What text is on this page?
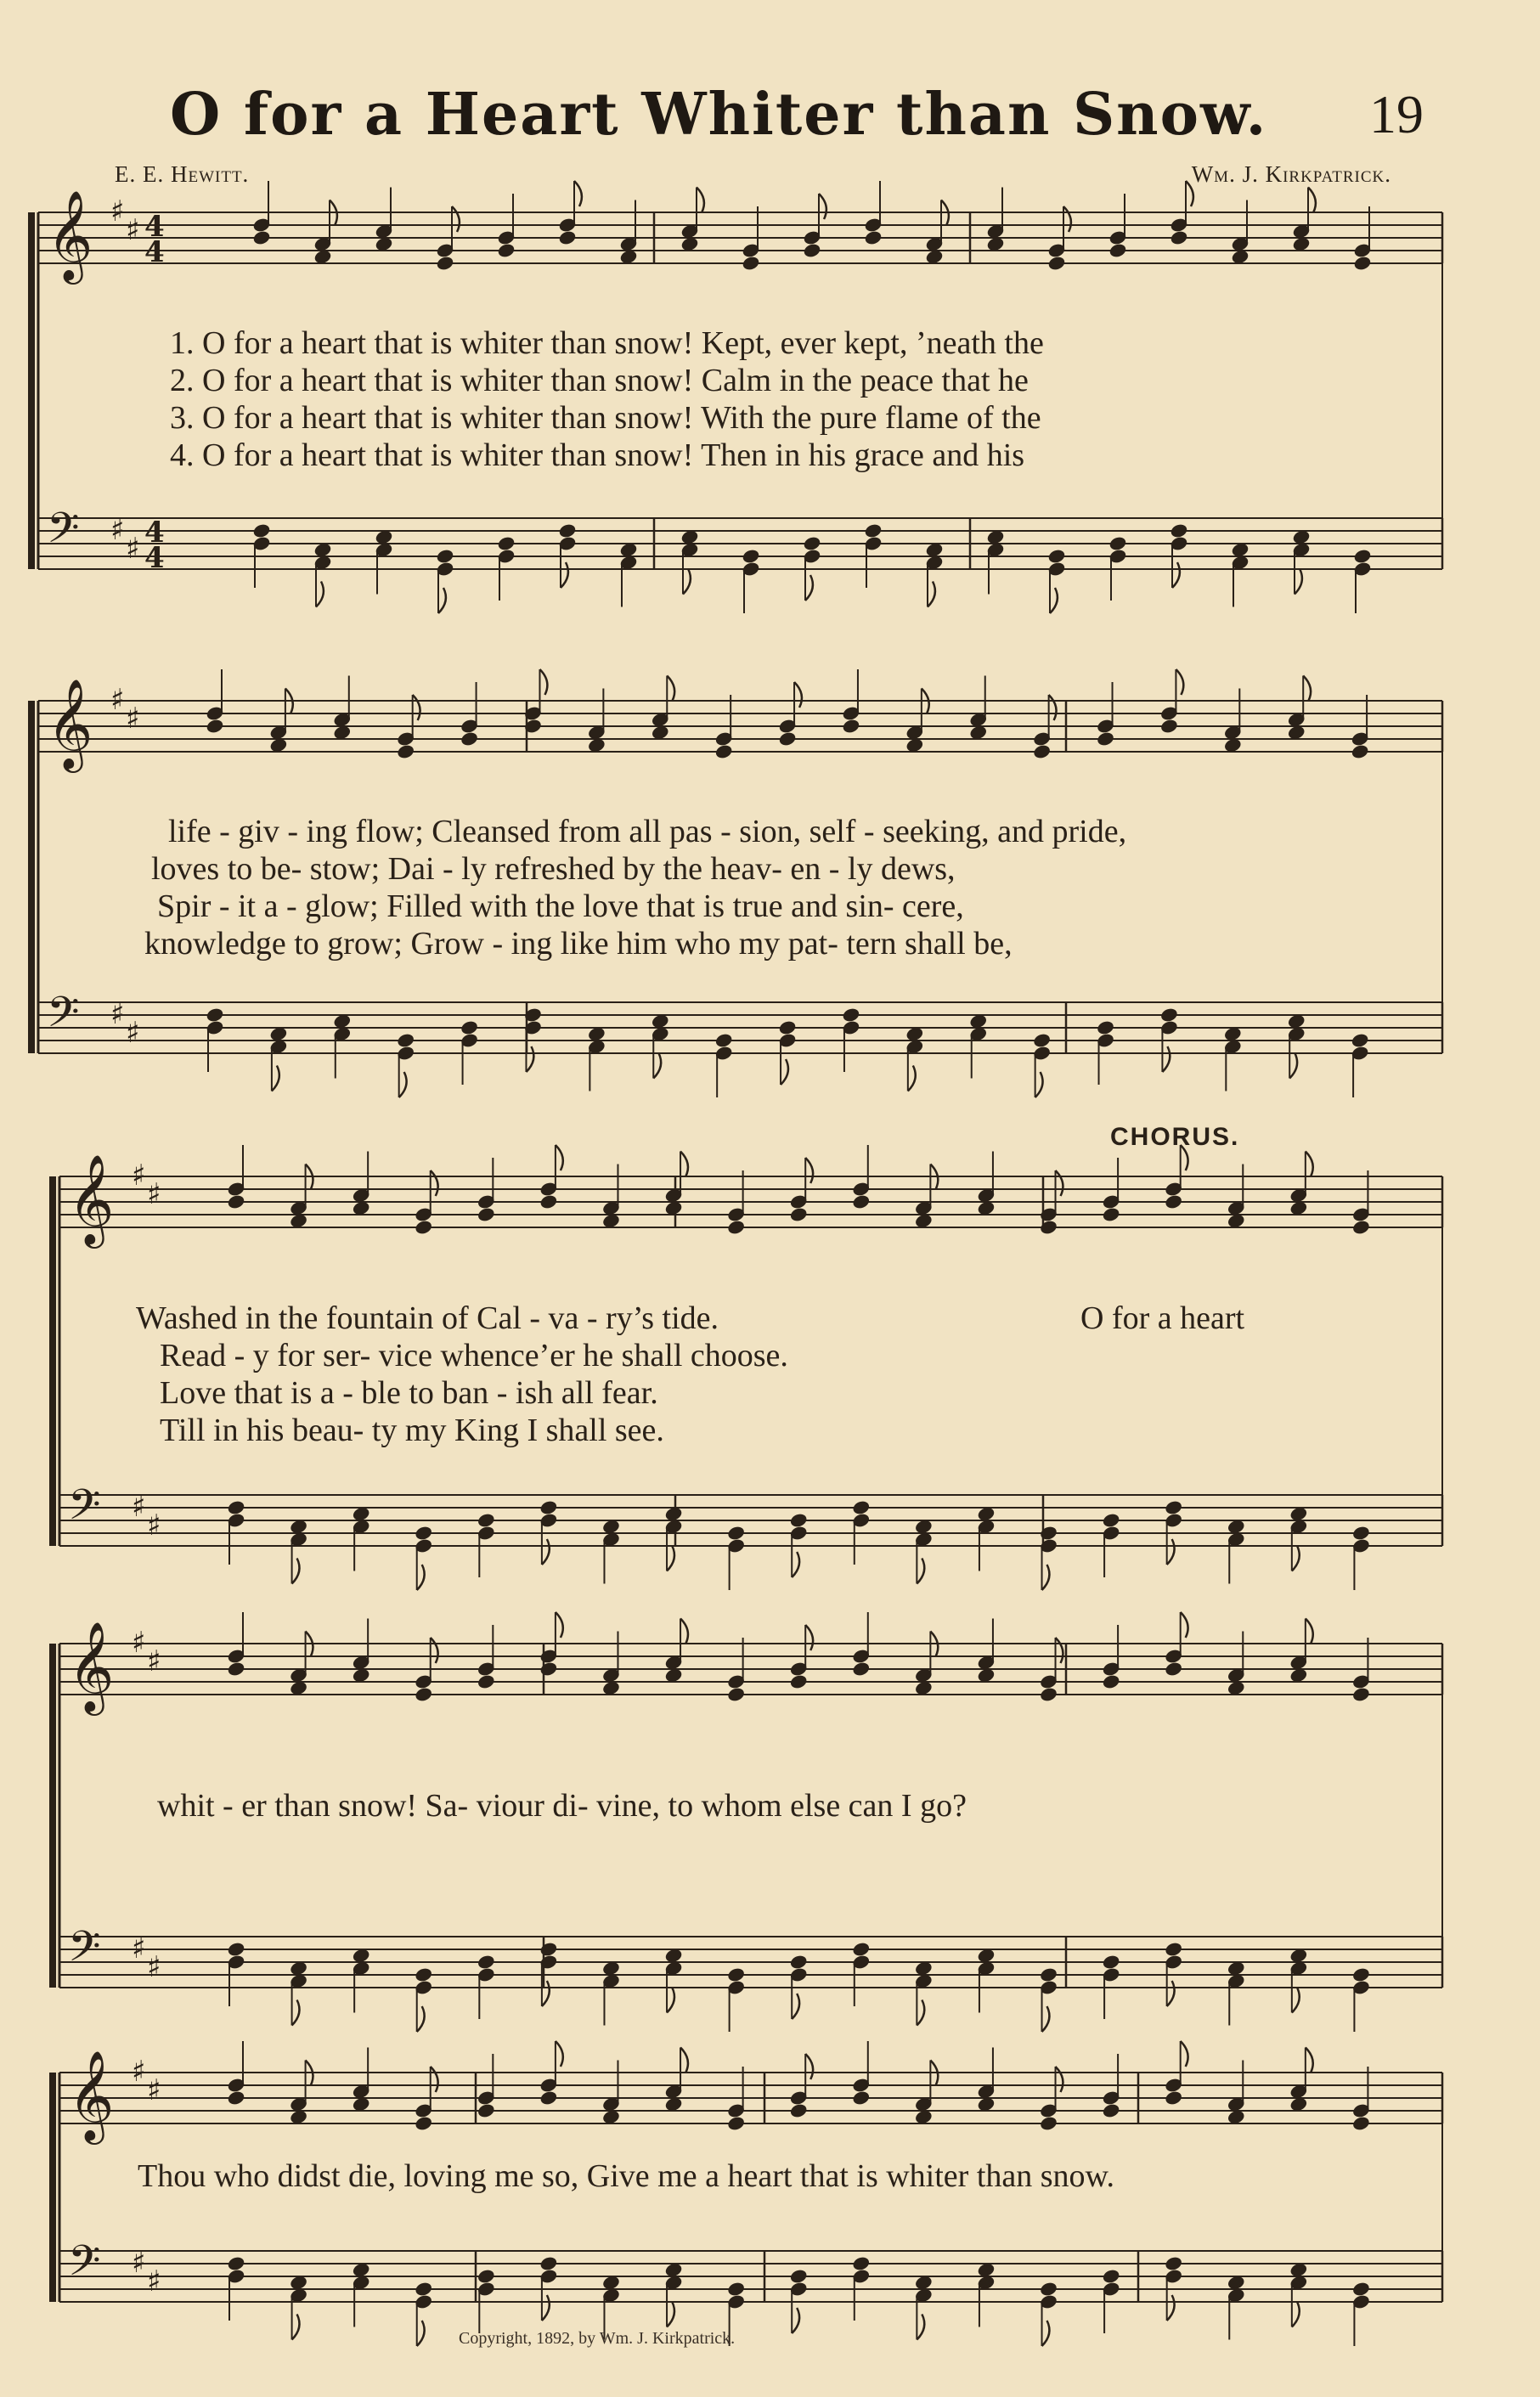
O for a Heart Whiter than Snow.	19
E. E. Hewitt.	Wm. J. Kirkpatrick.
𝄞 ♯
♯ 4
4
𝄢 ♯
♯ 4
4
𝄞 ♯
♯
𝄢 ♯
♯
𝄞 ♯
♯
𝄢 ♯
♯
𝄞 ♯
♯
𝄢 ♯
♯
𝄞 ♯
♯
𝄢 ♯
♯
1. O for a heart that is whiter than snow! Kept, ever kept, ’neath the
2. O for a heart that is whiter than snow! Calm in the peace that he
3. O for a heart that is whiter than snow! With the pure flame of the
4. O for a heart that is whiter than snow! Then in his grace and his
life - giv - ing flow; Cleansed from all pas - sion, self - seeking, and pride,
loves to be- stow; Dai - ly refreshed by the heav- en - ly dews,
Spir - it a - glow; Filled with the love that is true and sin- cere,
knowledge to grow; Grow - ing like him who my pat- tern shall be,
CHORUS.
Washed in the fountain of Cal - va - ry’s tide.	O for a heart
Read - y for ser- vice whence’er he shall choose.
Love that is a - ble to ban - ish all fear.
Till in his beau- ty my King I shall see.
whit - er than snow! Sa- viour di- vine, to whom else can I go?
Thou who didst die, loving me so, Give me a heart that is whiter than snow.
Copyright, 1892, by Wm. J. Kirkpatrick.
